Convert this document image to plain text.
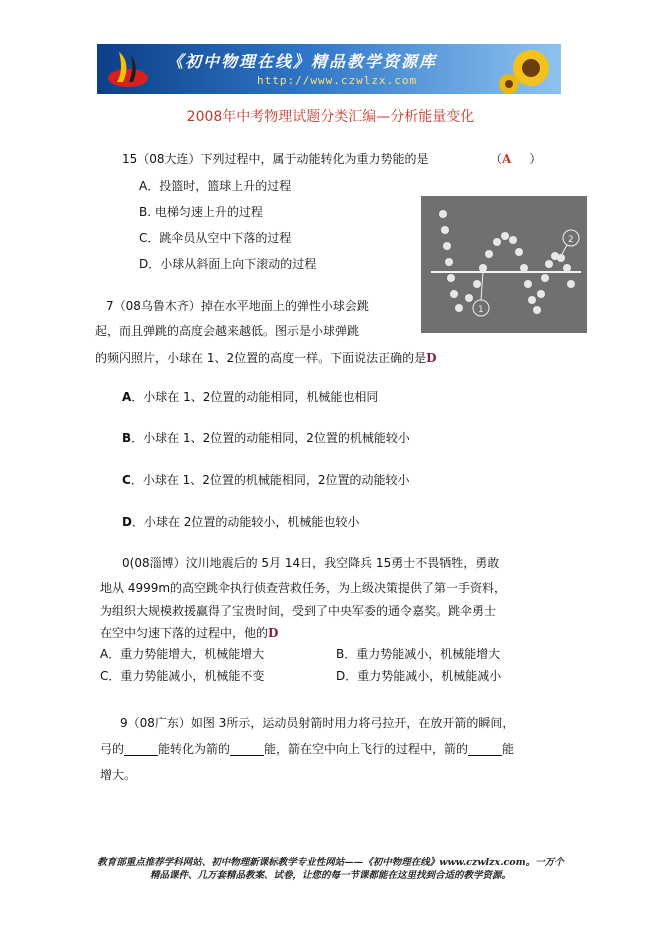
《初中物理在线》精品教学资源库
http://www.czwlzx.com
2008年中考物理试题分类汇编—分析能量变化
15（08大连）下列过程中，属于动能转化为重力势能的是	（A ）
A．投篮时，篮球上升的过程
B. 电梯匀速上升的过程
C．跳伞员从空中下落的过程
D．小球从斜面上向下滚动的过程
1
2
7（08乌鲁木齐）掉在水平地面上的弹性小球会跳
起，而且弹跳的高度会越来越低。图示是小球弹跳
的频闪照片，小球在 1、2位置的高度一样。下面说法正确的是D
A．小球在 1、2位置的动能相同，机械能也相同
B．小球在 1、2位置的动能相同，2位置的机械能较小
C．小球在 1、2位置的机械能相同，2位置的动能较小
D．小球在 2位置的动能较小，机械能也较小
0(08淄博）汶川地震后的 5月 14日，我空降兵 15勇士不畏牺牲，勇敢
地从 4999m的高空跳伞执行侦查营救任务，为上级决策提供了第一手资料，
为组织大规模救援赢得了宝贵时间，受到了中央军委的通令嘉奖。跳伞勇士
在空中匀速下落的过程中，他的D
A．重力势能增大，机械能增大	B．重力势能减小，机械能增大
C．重力势能减小，机械能不变	D．重力势能减小，机械能减小
9（08广东）如图 3所示，运动员射箭时用力将弓拉开，在放开箭的瞬间，
弓的	能转化为箭的	能，箭在空中向上飞行的过程中，箭的	能
增大。
教育部重点推荐学科网站、初中物理新课标教学专业性网站——《初中物理在线》www.czwlzx.com。一万个
精品课件、几万套精品教案、试卷，让您的每一节课都能在这里找到合适的教学资源。
